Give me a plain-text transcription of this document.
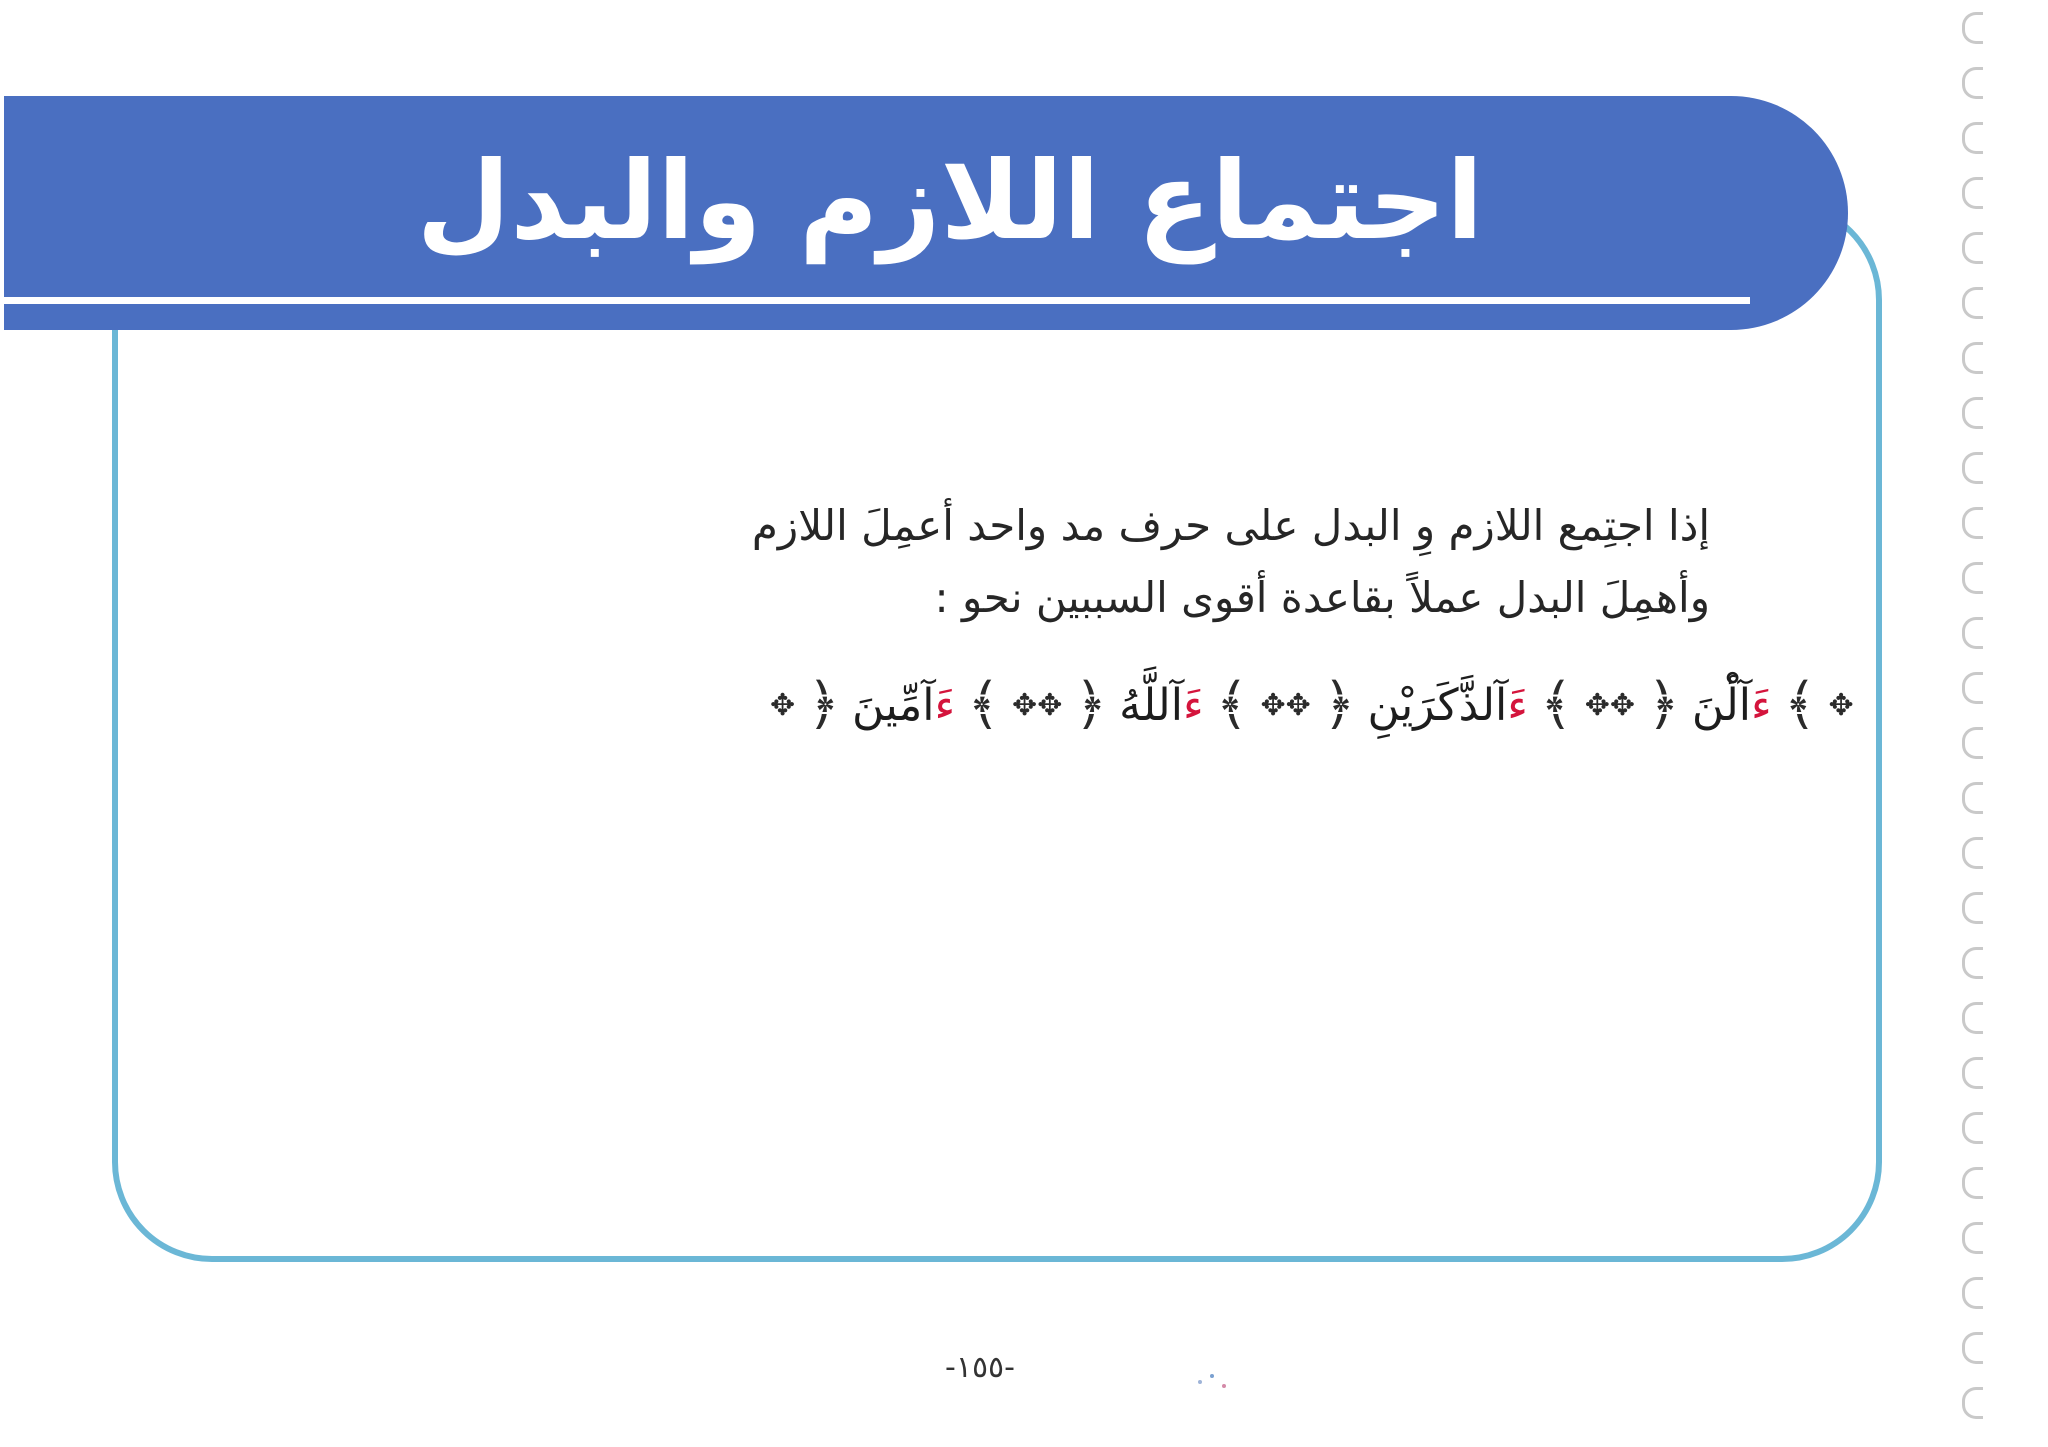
اجتماع اللازم والبدل

إذا اجتِمع اللازم وِ البدل على حرف مد واحد أعمِلَ اللازم

وأهمِلَ البدل عملاً بقاعدة أقوى السببين نحو :

✥ ﴿	ءَآمِّينَ ﴾ ✥ ✥ ﴿	ءَآللَّهُ ﴾ ✥ ✥ ﴿	ءَآلذَّكَرَيْنِ ﴾ ✥ ✥ ﴿	ءَآلْٔنَ ﴾ ✥
-١٥٥-
